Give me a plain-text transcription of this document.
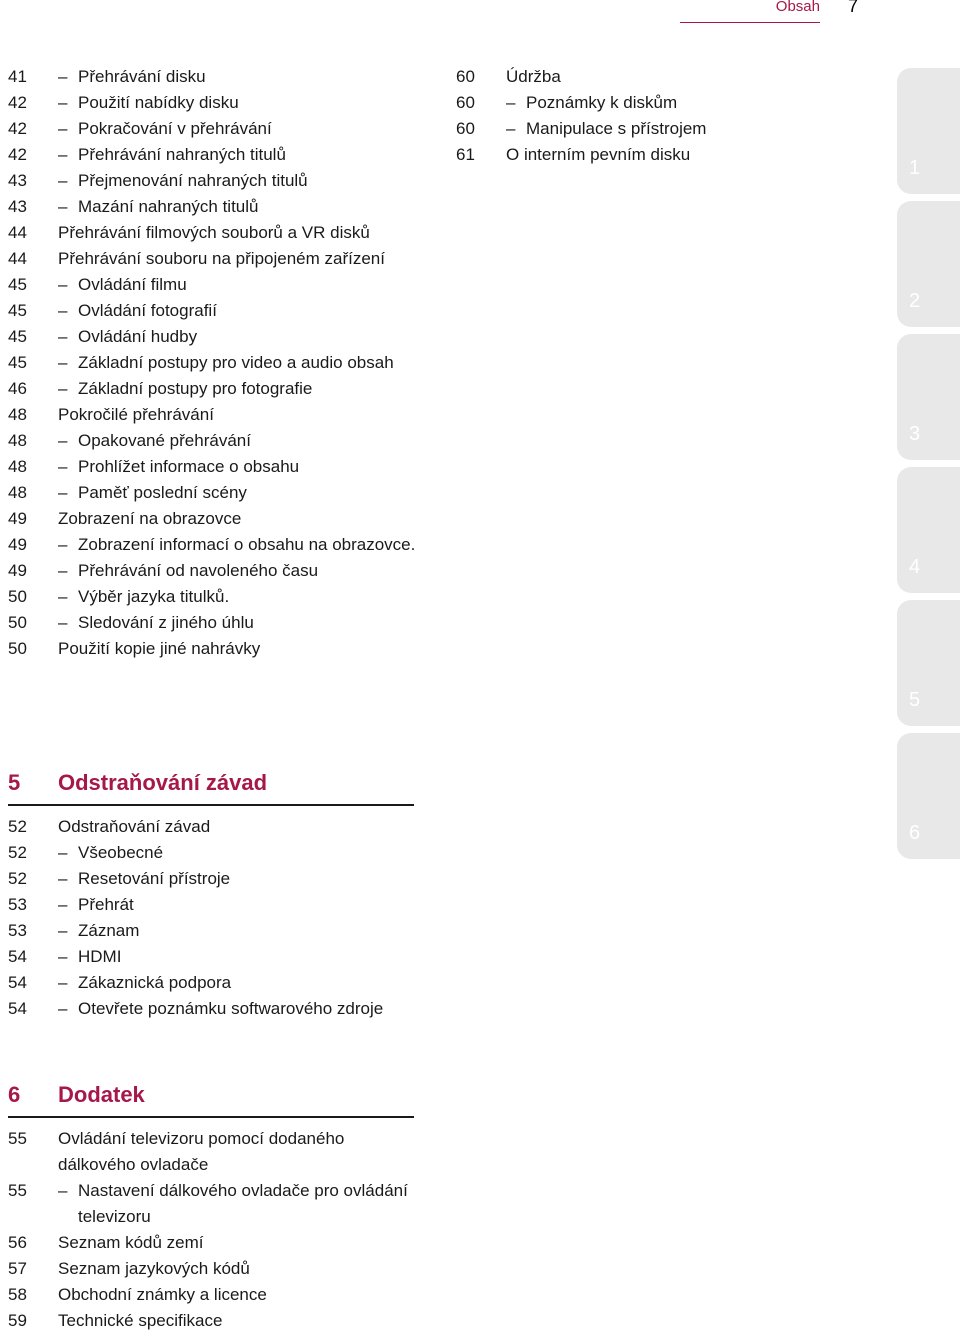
Obsah 7
41	– Přehrávání disku
42	– Použití nabídky disku
42	– Pokračování v přehrávání
42	– Přehrávání nahraných titulů
43	– Přejmenování nahraných titulů
43	– Mazání nahraných titulů
44	Přehrávání filmových souborů a VR disků
44	Přehrávání souboru na připojeném zařízení
45	– Ovládání filmu
45	– Ovládání fotografií
45	– Ovládání hudby
45	– Základní postupy pro video a audio obsah
46	– Základní postupy pro fotografie
48	Pokročilé přehrávání
48	– Opakované přehrávání
48	– Prohlížet informace o obsahu
48	– Paměť poslední scény
49	Zobrazení na obrazovce
49	– Zobrazení informací o obsahu na obrazovce.
49	– Přehrávání od navoleného času
50	– Výběr jazyka titulků.
50	– Sledování z jiného úhlu
50	Použití kopie jiné nahrávky
60	Údržba
60	– Poznámky k diskům
60	– Manipulace s přístrojem
61	O interním pevním disku
5	Odstraňování závad
52	Odstraňování závad
52	– Všeobecné
52	– Resetování přístroje
53	– Přehrát
53	– Záznam
54	– HDMI
54	– Zákaznická podpora
54	– Otevřete poznámku softwarového zdroje
6	Dodatek
55	Ovládání televizoru pomocí dodaného dálkového ovladače
55	– Nastavení dálkového ovladače pro ovládání televizoru
56	Seznam kódů zemí
57	Seznam jazykových kódů
58	Obchodní známky a licence
59	Technické specifikace
1
2
3
4
5
6
